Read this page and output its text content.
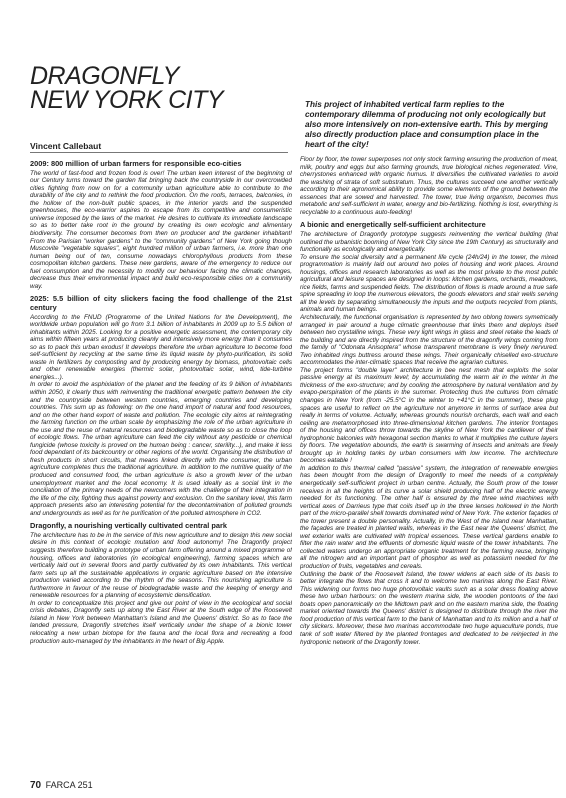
DRAGONFLY
NEW YORK CITY	This project of inhabited vertical farm replies to the contemporary dilemma of producing not only ecologically but also more intensively on non-extensive earth. This by merging also directly production place and consumption place in the heart of the city!
Vincent Callebaut
2009: 800 million of urban farmers for responsible eco-cities

The world of fast-food and frozen food is over! The urban keen interest of the beginning of our Century turns toward the garden flat bringing back the countryside in our overcrowded cities fighting from now on for a community urban agriculture able to contribute to the durability of the city and to rethink the food production. On the roofs, terraces, balconies, in the hollow of the non-built public spaces, in the interior yards and the suspended greenhouses, the eco-warrior aspires to escape from its competitive and consumeristic universe imposed by the laws of the market. He desires to cultivate its immediate landscape so as to better take root in the ground by creating its own ecologic and alimentary biodiversity. The consumer becomes from then on producer and the gardener inhabitant! From the Parisian "worker gardens" to the "community gardens" of New York going though Muscovite "vegetable squares", eight hundred million of urban farmers, i.e. more than one human being out of ten, consume nowadays chlorophyllous products from these cosmopolitan kitchen gardens. These new gardens, aware of the emergency to reduce our fuel consumption and the necessity to modify our behaviour facing the climatic changes, decrease thus their environmental impact and build eco-responsible cities on a community way.

2025: 5.5 billion of city slickers facing the food challenge of the 21st century

According to the FNUD (Programme of the United Nations for the Development), the worldwide urban population will go from 3.1 billion of inhabitants in 2009 up to 5.5 billion of inhabitants within 2025. Looking for a positive energetic assessment, the contemporary city aims within fifteen years at producing cleanly and intensively more energy than it consumes so as to pack this urban exodus! It develops therefore the urban agriculture to become food self-sufficient by recycling at the same time its liquid waste by phyto-purification, its solid waste in fertilizers by composting and by producing energy by biomass, photovoltaic cells and other renewable energies (thermic solar, photovoltaic solar, wind, tide-turbine energies...).

In order to avoid the asphixiation of the planet and the feeding of its 9 billion of inhabitants within 2050, it clearly thus with reinventing the traditional energetic pattern between the city and the countryside between western countries, emerging countries and developing countries. This sum up as following: on the one hand import of natural and food resources, and on the other hand export of waste and pollution. The ecologic city aims at reintegrating the farming function on the urban scale by emphasizing the role of the urban agriculture in the use and the reuse of natural resources and biodegradable waste so as to close the loop of ecologic flows. The urban agriculture can feed the city without any pesticide or chemical fungicide (whose toxicity is proved on the human being : cancer, sterility...), and make it less food dependant of its backcountry or other regions of the world. Organising the distribution of fresh products in short circuits, that means linked directly with the consumer, the urban agriculture completes thus the traditional agriculture. In addition to the nutritive quality of the produced and consumed food, the urban agriculture is also a growth lever of the urban unemployment market and the local economy. It is used ideally as a social link in the conciliation of the primary needs of the newcomers with the challenge of their integration in the life of the city, fighting thus against poverty and exclusion. On the sanitary level, this farm approach presents also an interesting potential for the decontamination of polluted grounds and undergrounds as well as for he purification of the polluted atmosphere in CO2.

Dragonfly, a nourishing vertically cultivated central park

The architecture has to be in the service of this new agriculture and to design this new social desire in this context of ecologic mutation and food autonomy! The Dragonfly project suggests therefore building a prototype of urban farm offering around a mixed programme of housing, offices and laboratories (in ecological engineering), farming spaces which are vertically laid out in several floors and partly cultivated by its own inhabitants. This vertical farm sets up all the sustainable applications in organic agriculture based on the intensive production varied according to the rhythm of the seasons. This nourishing agriculture is furthermore in favour of the reuse of biodegradable waste and the keeping of energy and renewable resources for a planning of ecosystemic densification.

In order to conceptualize this project and give our point of view in the ecological and social crisis debates, Dragonfly sets up along the East River at the South edge of the Roosevelt Island in New York between Manhattan's Island and the Queens' district. So as to face the landed pressure, Dragonfly stretches itself vertically under the shape of a bionic tower relocating a new urban biotope for the fauna and the local flora and recreating a food production auto-managed by the inhabitants in the heart of Big Apple.

Floor by floor, the tower superposes not only stock farming ensuring the production of meat, milk, poultry and eggs but also farming grounds, true biological niches regenerated. Vine, cherrystones enhanced with organic humus. It diversifies the cultivated varieties to avoid the washing of strata of soft substratum. Thus, the cultures succeed one another vertically according to their agronomical ability to provide some elements of the ground between the essences that are sowed and harvested. The tower, true living organism, becomes thus metabolic and self-sufficient in water, energy and bio-fertilizing. Nothing is lost, everything is recyclable to a continuous auto-feeding!

A bionic and energetically self-sufficient architecture

The architecture of Dragonfly prototype suggests reinventing the vertical building (that outlined the urbanistic booming of New York City since the 19th Century) as structurally and functionally as ecologically and energetically.

To ensure the social diversity and a permanent life cycle (24h/24) in the tower, the mixed programmation is mainly laid out around two poles of housing and work places. Around housings, offices and research laboratories as well as the most private to the most public agricultural and leisure spaces are designed in loops: kitchen gardens, orchards, meadows, rice fields, farms and suspended fields. The distribution of flows is made around a true safe spine spreading in loop the numerous elevators, the goods elevators and stair wells serving all the levels by separating simultaneously the inputs and the outputs recycled from plants, animals and human beings.

Architecturally, the functional organisation is represented by two oblong towers symetrically arranged in pair around a huge climatic greenhouse that links them and deploys itself between two crystalline wings. These very light wings in glass and steel retake the leads of the building and are directly inspired from the structure of the dragonfly wings coming from the family of "Odonata Anisoptera" whose transparent membrane is very finely nervured. Two inhabited rings buttress around these wings. Their organically chiselled exo-structure accommodates the inter-climatic spaces that receive the agrarian cultures.

The project forms "double layer" architecture in bee nest mesh that exploits the solar passive energy at its maximum level; by accumulating the warm air in the winter in the thickness of the exo-structure; and by cooling the atmosphere by natural ventilation and by evapo-perspiration of the plants in the summer. Protecting thus the cultures from climatic changes in New York (from -25.5°C in the winter to +41°C in the summer), these plug spaces are useful to reflect on the agriculture not anymore in terms of surface area but really in terms of volume. Actually, whereas grounds nourish orchards, each wall and each ceiling are metamorphosed into three-dimensional kitchen gardens. The interior frontages of the housing and offices throw towards the skyline of New York the cantilever of their hydrophonic balconies with hexagonal section thanks to what it multiplies the culture layers by floors. The vegetation abounds, the earth is swarming of insects and animals are freely brought up in holding tanks by urban consumers with low income. The architecture becomes eatable !

In addition to this thermal called "passive" system, the integration of renewable energies has been thought from the design of Dragonfly to meet the needs of a completely energetically self-sufficient project in urban centre. Actually, the South prow of the tower receives in all the heights of its curve a solar shield producing half of the electric energy needed for its functioning. The other half is ensured by the three wind machines with vertical axes of Darrieus type that coils itself up in the three lenses hollowed in the North part of the micro-parallel shell towards dominated wind of New York. The exterior façades of the tower present a double personality. Actually, in the West of the Island near Manhattan, the façades are treated in planted walls, whereas in the East near the Queens' district, the wet exterior walls are cultivated with tropical essences. These vertical gardens enable to filter the rain water and the effluents of domestic liquid waste of the tower inhabitants. The collected waters undergo an appropriate organic treatment for the farming reuse, bringing all the nitrogen and an important part of phosphor as well as potassium needed for the production of fruits, vegetables and cereals.

Outlining the bank of the Roosevelt Island, the tower widens at each side of its basis to better integrate the flows that cross it and to welcome two marinas along the East River. This widening our forms two huge photovoltaic vaults such as a solar dress floating above these two urban harbours: on the western marina side, the wooden pontoons of the taxi boats open panoramically on the Midtown park and on the eastern marina side, the floating market oriented towards the Queens' district is designed to distribute through the river the food production of this vertical farm to the bank of Manhattan and to its million and a half of city slickers. Moreover, these two marinas accommodate two huge aquaculture ponds, true tank of soft water filtered by the planted frontages and dedicated to be reinjected in the hydroponic network of the Dragonfly tower.

70 FARCA 251
